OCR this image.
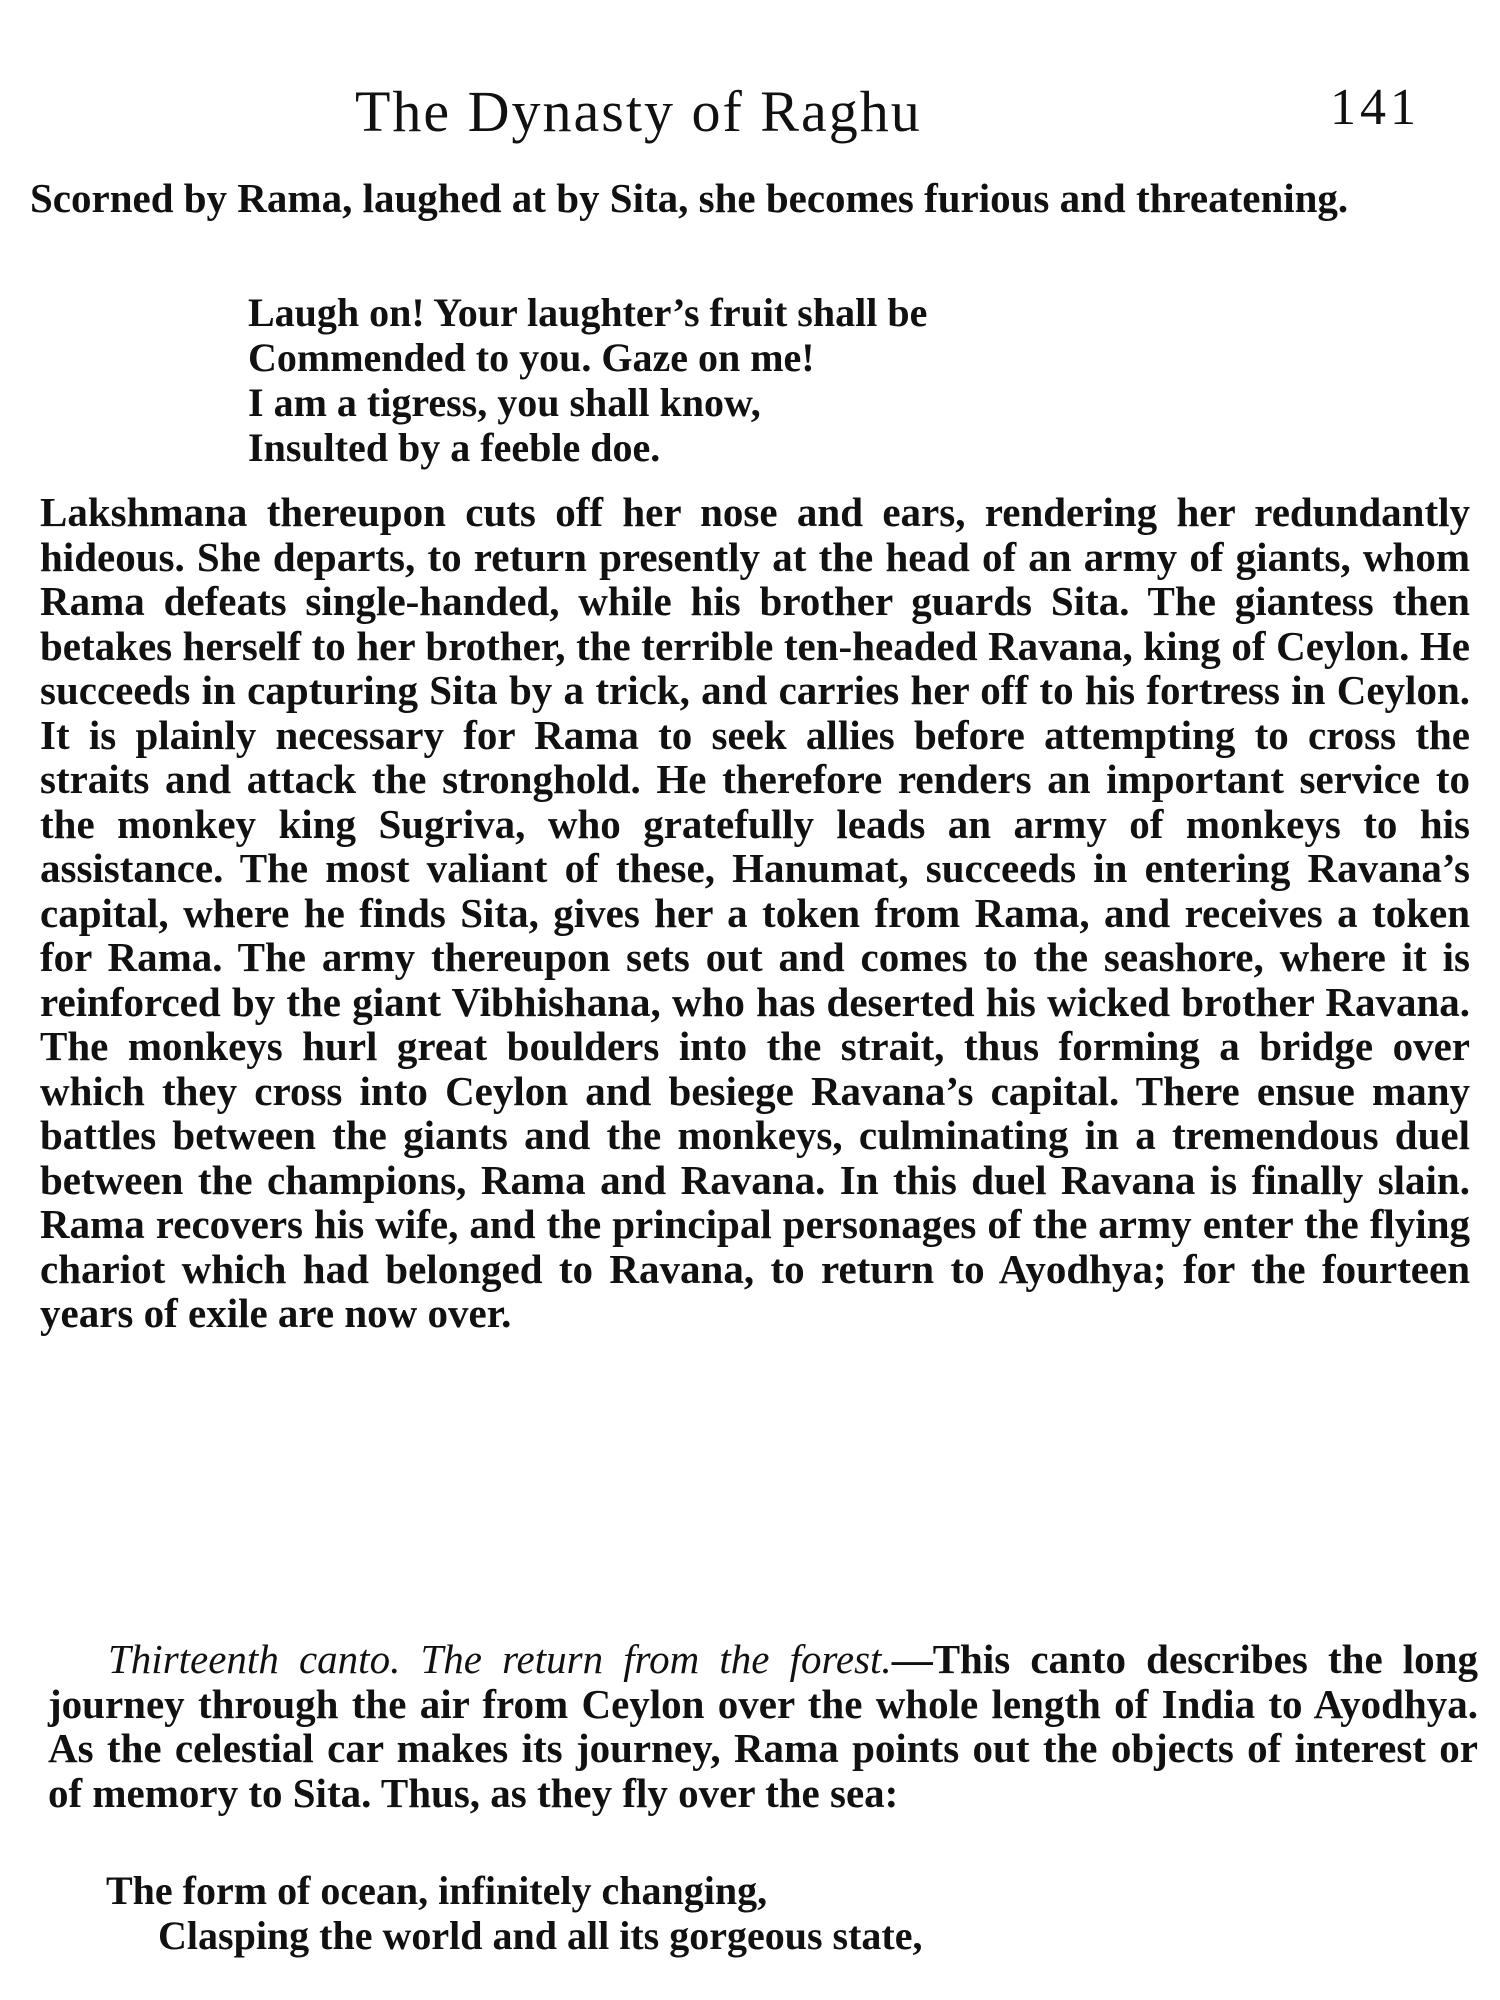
The Dynasty of Raghu	141

Scorned by Rama, laughed at by Sita, she becomes furious and threatening.

Laugh on! Your laughter’s fruit shall be
Commended to you. Gaze on me!
I am a tigress, you shall know,
Insulted by a feeble doe.

Lakshmana thereupon cuts off her nose and ears, rendering her redundantly hideous. She departs, to return presently at the head of an army of giants, whom Rama defeats single-handed, while his brother guards Sita. The giantess then betakes herself to her brother, the terrible ten-headed Ravana, king of Ceylon. He succeeds in capturing Sita by a trick, and carries her off to his fortress in Ceylon. It is plainly necessary for Rama to seek allies before attempting to cross the straits and attack the stronghold. He therefore renders an important service to the monkey king Sugriva, who gratefully leads an army of monkeys to his assistance. The most valiant of these, Hanumat, succeeds in entering Ravana’s capital, where he finds Sita, gives her a token from Rama, and receives a token for Rama. The army thereupon sets out and comes to the seashore, where it is reinforced by the giant Vibhishana, who has deserted his wicked brother Ravana. The monkeys hurl great boulders into the strait, thus forming a bridge over which they cross into Ceylon and besiege Ravana’s capital. There ensue many battles between the giants and the monkeys, culminating in a tremendous duel between the champions, Rama and Ravana. In this duel Ravana is finally slain. Rama recovers his wife, and the principal personages of the army enter the flying chariot which had belonged to Ravana, to return to Ayodhya; for the fourteen years of exile are now over.

Thirteenth canto. The return from the forest.—This canto describes the long journey through the air from Ceylon over the whole length of India to Ayodhya. As the celestial car makes its journey, Rama points out the objects of interest or of memory to Sita. Thus, as they fly over the sea:

The form of ocean, infinitely changing,
Clasping the world and all its gorgeous state,
